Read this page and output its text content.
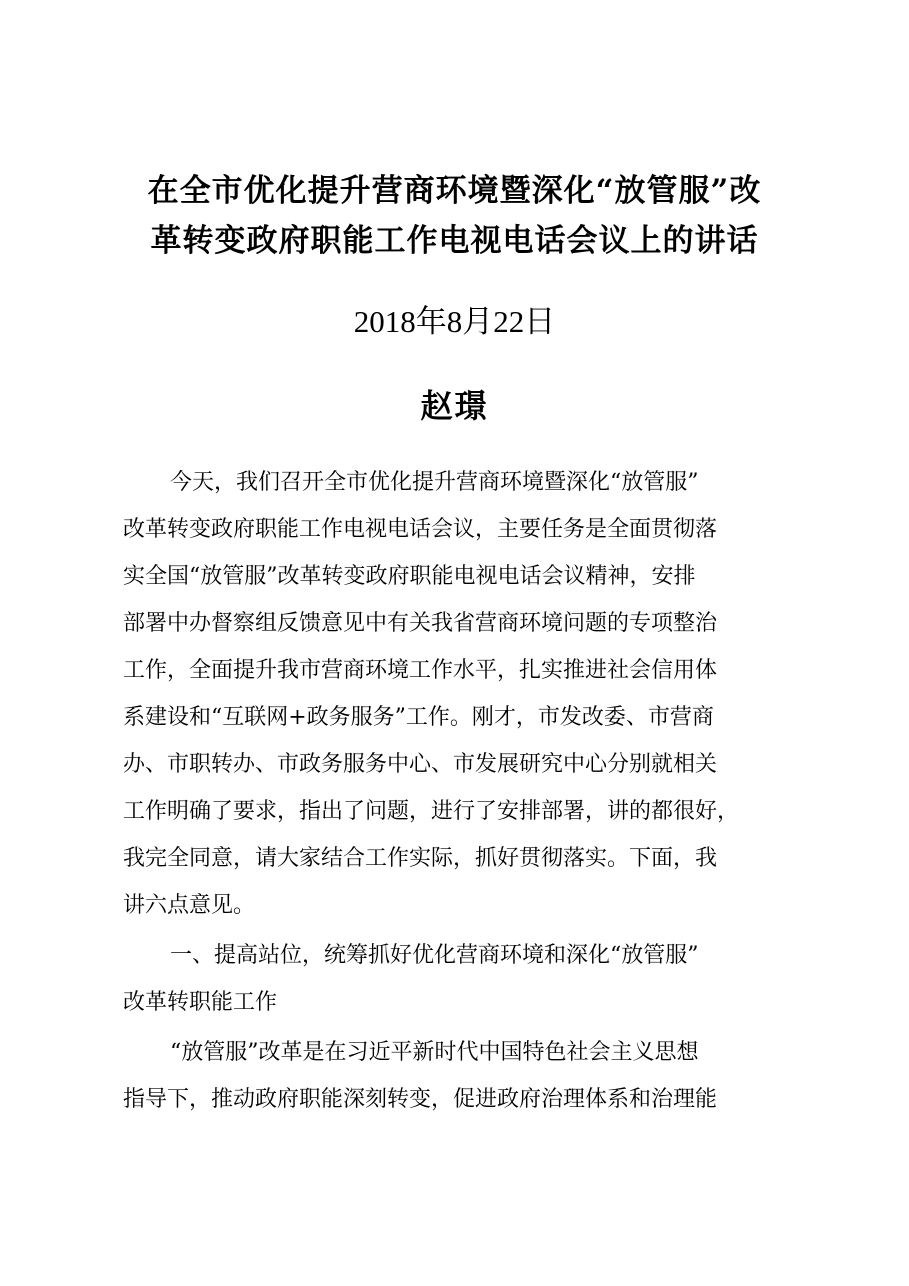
在全市优化提升营商环境暨深化“放管服”改
革转变政府职能工作电视电话会议上的讲话
2018年8月22日
赵璟
今天，我们召开全市优化提升营商环境暨深化“放管服”
改革转变政府职能工作电视电话会议，主要任务是全面贯彻落
实全国“放管服”改革转变政府职能电视电话会议精神，安排
部署中办督察组反馈意见中有关我省营商环境问题的专项整治
工作，全面提升我市营商环境工作水平，扎实推进社会信用体
系建设和“互联网+政务服务”工作。刚才，市发改委、市营商
办、市职转办、市政务服务中心、市发展研究中心分别就相关
工作明确了要求，指出了问题，进行了安排部署，讲的都很好，
我完全同意，请大家结合工作实际，抓好贯彻落实。下面，我
讲六点意见。
一、提高站位，统筹抓好优化营商环境和深化“放管服”
改革转职能工作
“放管服”改革是在习近平新时代中国特色社会主义思想
指导下，推动政府职能深刻转变，促进政府治理体系和治理能
